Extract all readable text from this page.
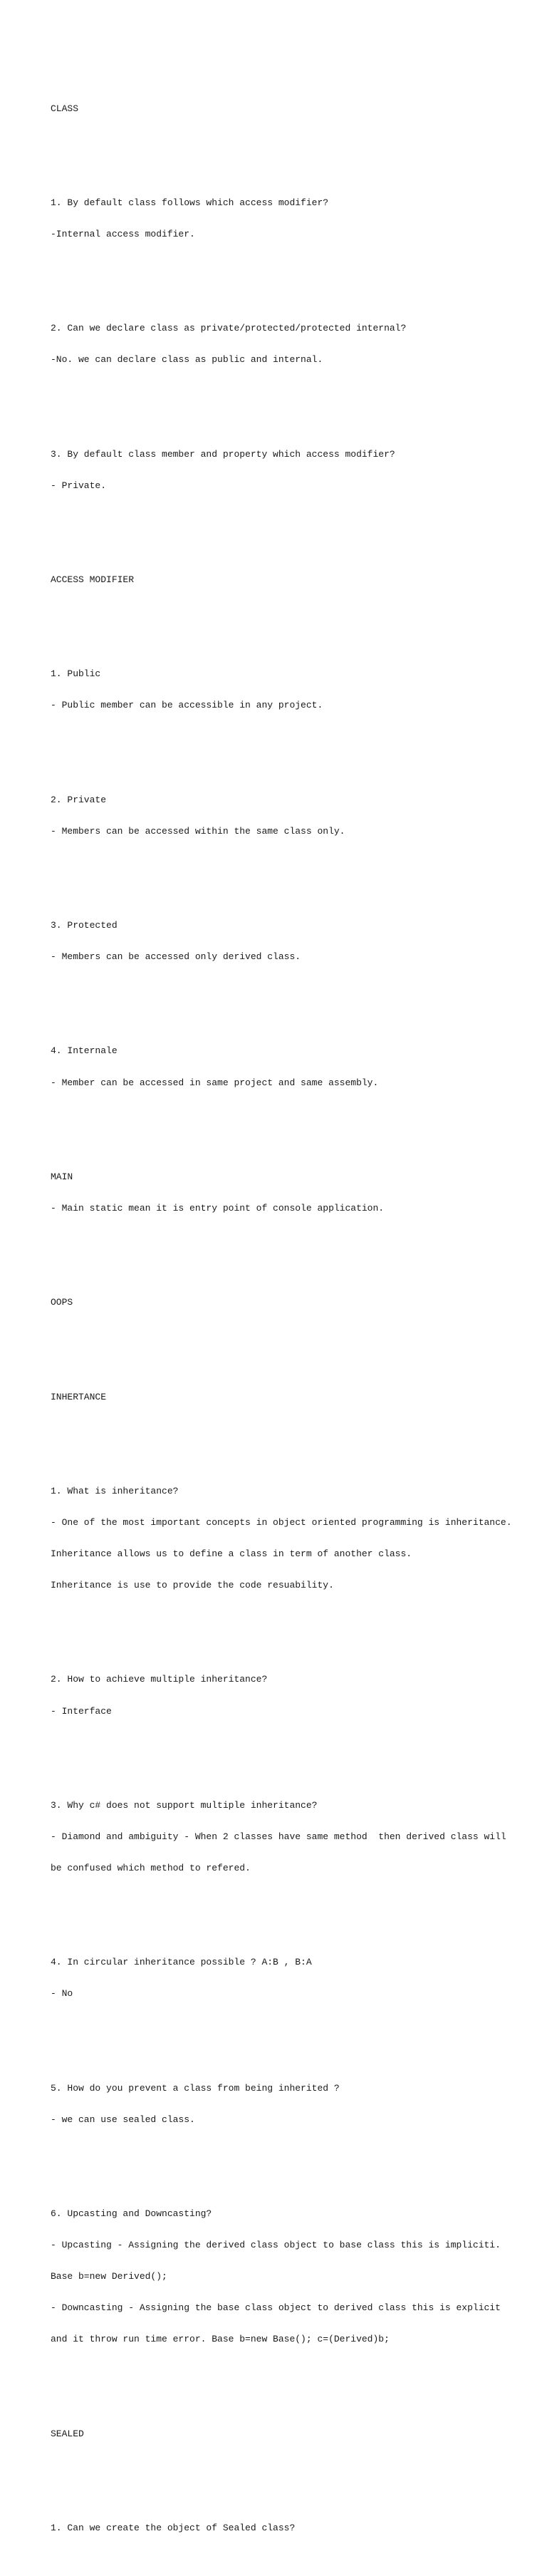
CLASS

1. By default class follows which access modifier?

-Internal access modifier.

2. Can we declare class as private/protected/protected internal?

-No. we can declare class as public and internal.

3. By default class member and property which access modifier?

- Private.

ACCESS MODIFIER

1. Public

- Public member can be accessible in any project.

2. Private

- Members can be accessed within the same class only.

3. Protected

- Members can be accessed only derived class.

4. Internale

- Member can be accessed in same project and same assembly.

MAIN

- Main static mean it is entry point of console application.

OOPS

INHERTANCE

1. What is inheritance?

- One of the most important concepts in object oriented programming is inheritance.

Inheritance allows us to define a class in term of another class.

Inheritance is use to provide the code resuability.

2. How to achieve multiple inheritance?

- Interface

3. Why c# does not support multiple inheritance?

- Diamond and ambiguity - When 2 classes have same method  then derived class will

be confused which method to refered.

4. In circular inheritance possible ? A:B , B:A

- No

5. How do you prevent a class from being inherited ?

- we can use sealed class.

6. Upcasting and Downcasting?

- Upcasting - Assigning the derived class object to base class this is impliciti.

Base b=new Derived();

- Downcasting - Assigning the base class object to derived class this is explicit

and it throw run time error. Base b=new Base(); c=(Derived)b;

SEALED

1. Can we create the object of Sealed class?
